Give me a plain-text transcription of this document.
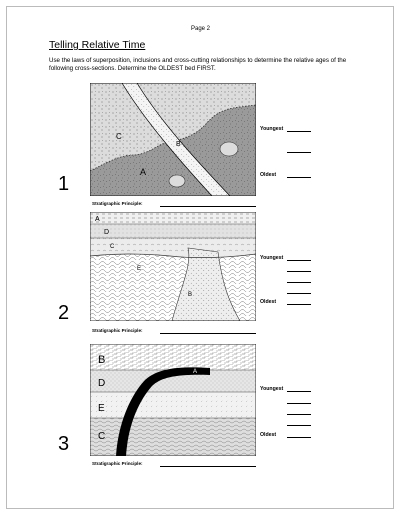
Page 2
Telling Relative Time
Use the laws of superposition, inclusions and cross-cutting relationships to determine the relative ages of the following cross-sections. Determine the OLDEST bed FIRST.
1
C
B
A
Youngest
Oldest
Stratigraphic Principle:
2
A
D
C
E
B
Youngest
Oldest
Stratigraphic Principle:
3
A
B
D
E
C
Youngest
Oldest
Stratigraphic Principle:
